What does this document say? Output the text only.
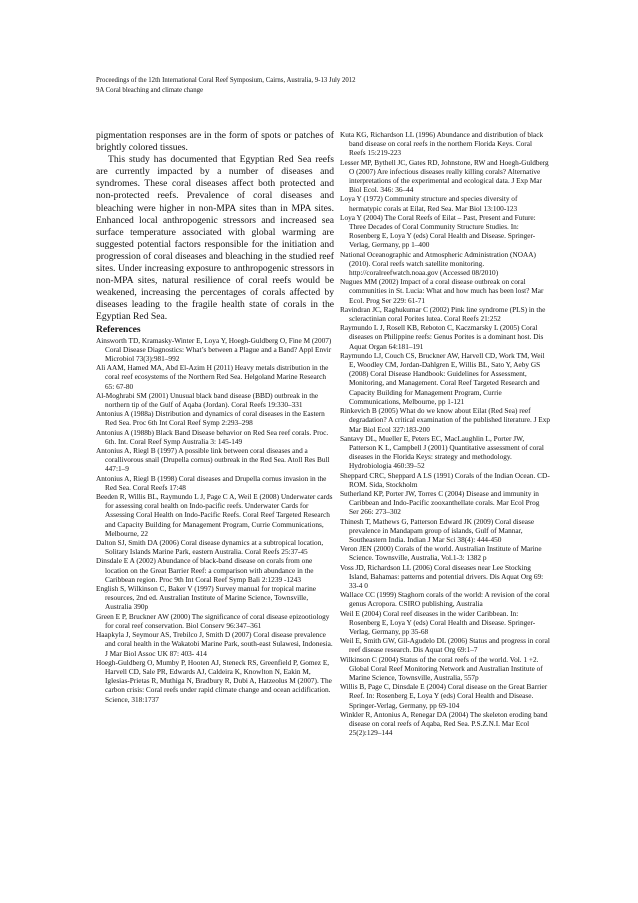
Proceedings of the 12th International Coral Reef Symposium, Cairns, Australia, 9-13 July 2012
9A Coral bleaching and climate change

pigmentation responses are in the form of spots or patches of brightly colored tissues.

This study has documented that Egyptian Red Sea reefs are currently impacted by a number of diseases and syndromes. These coral diseases affect both protected and non-protected reefs. Prevalence of coral diseases and bleaching were higher in non-MPA sites than in MPA sites. Enhanced local anthropogenic stressors and increased sea surface temperature associated with global warming are suggested potential factors responsible for the initiation and progression of coral diseases and bleaching in the studied reef sites. Under increasing exposure to anthropogenic stressors in non-MPA sites, natural resilience of coral reefs would be weakened, increasing the percentages of corals affected by diseases leading to the fragile health state of corals in the Egyptian Red Sea.

References

Ainsworth TD, Kramasky-Winter E, Loya Y, Hoegh-Guldberg O, Fine M (2007) Coral Disease Diagnostics: What’s between a Plague and a Band? Appl Envir Microbiol 73(3):981–992
Ali AAM, Hamed MA, Abd El-Azim H (2011) Heavy metals distribution in the coral reef ecosystems of the Northern Red Sea. Helgoland Marine Research 65: 67-80
Al-Moghrabi SM (2001) Unusual black band disease (BBD) outbreak in the northern tip of the Gulf of Aqaba (Jordan). Coral Reefs 19:330–331
Antonius A (1988a) Distribution and dynamics of coral diseases in the Eastern Red Sea. Proc 6th Int Coral Reef Symp 2:293–298
Antonius A (1988b) Black Band Disease behavior on Red Sea reef corals. Proc. 6th. Int. Coral Reef Symp Australia 3: 145-149
Antonius A, Riegl B (1997) A possible link between coral diseases and a corallivorous snail (Drupella cornus) outbreak in the Red Sea. Atoll Res Bull 447:1–9
Antonius A, Riegl B (1998) Coral diseases and Drupella cornus invasion in the Red Sea. Coral Reefs 17:48
Beeden R, Willis BL, Raymundo L J, Page C A, Weil E (2008) Underwater cards for assessing coral health on Indo-pacific reefs. Underwater Cards for Assessing Coral Health on Indo-Pacific Reefs. Coral Reef Targeted Research and Capacity Building for Management Program, Currie Communications, Melbourne, 22
Dalton SJ, Smith DA (2006) Coral disease dynamics at a subtropical location, Solitary Islands Marine Park, eastern Australia. Coral Reefs 25:37-45
Dinsdale E A (2002) Abundance of black-band disease on corals from one location on the Great Barrier Reef: a comparison with abundance in the Caribbean region. Proc 9th Int Coral Reef Symp Bali 2:1239 -1243
English S, Wilkinson C, Baker V (1997) Survey manual for tropical marine resources, 2nd ed. Australian Institute of Marine Science, Townsville, Australia 390p
Green E P, Bruckner AW (2000) The significance of coral disease epizootiology for coral reef conservation. Biol Conserv 96:347–361
Haapkyla J, Seymour AS, Trebilco J, Smith D (2007) Coral disease prevalence and coral health in the Wakatobi Marine Park, south-east Sulawesi, Indonesia. J Mar Biol Assoc UK 87: 403- 414
Hoegh-Guldberg O, Mumby P, Hooten AJ, Steneck RS, Greenfield P, Gomez E, Harvell CD, Sale PR, Edwards AJ, Caldeira K, Knowlton N, Eakin M, Iglesias-Prietas R, Muthiga N, Bradbury R, Dubi A, Hatzeolus M (2007). The carbon crisis: Coral reefs under rapid climate change and ocean acidification. Science, 318:1737
Kuta KG, Richardson LL (1996) Abundance and distribution of black band disease on coral reefs in the northern Florida Keys. Coral Reefs 15:219-223
Lesser MP, Bythell JC, Gates RD, Johnstone, RW and Hoegh-Guldberg O (2007) Are infectious diseases really killing corals? Alternative interpretations of the experimental and ecological data. J Exp Mar Biol Ecol. 346: 36–44
Loya Y (1972) Community structure and species diversity of hermatypic corals at Eilat, Red Sea. Mar Biol 13:100-123
Loya Y (2004) The Coral Reefs of Eilat – Past, Present and Future: Three Decades of Coral Community Structure Studies. In: Rosenberg E, Loya Y (eds) Coral Health and Disease. Springer-Verlag, Germany, pp 1–400
National Oceanographic and Atmospheric Administration (NOAA) (2010). Coral reefs watch satellite monitoring. http://coralreefwatch.noaa.gov (Accessed 08/2010)
Nugues MM (2002) Impact of a coral disease outbreak on coral communities in St. Lucia: What and how much has been lost? Mar Ecol. Prog Ser 229: 61-71
Ravindran JC, Raghukumar C (2002) Pink line syndrome (PLS) in the scleractinian coral Porites lutea. Coral Reefs 21:252
Raymundo L J, Rosell KB, Reboton C, Kaczmarsky L (2005) Coral diseases on Philippine reefs: Genus Porites is a dominant host. Dis Aquat Organ 64:181–191
Raymundo LJ, Couch CS, Bruckner AW, Harvell CD, Work TM, Weil E, Woodley CM, Jordan-Dahlgren E, Willis BL, Sato Y, Aeby GS (2008) Coral Disease Handbook: Guidelines for Assessment, Monitoring, and Management. Coral Reef Targeted Research and Capacity Building for Management Program, Currie Communications, Melbourne, pp 1-121
Rinkevich B (2005) What do we know about Eilat (Red Sea) reef degradation? A critical examination of the published literature. J Exp Mar Biol Ecol 327:183-200
Santavy DL, Mueller E, Peters EC, MacLaughlin L, Porter JW, Patterson K L, Campbell J (2001) Quantitative assessment of coral diseases in the Florida Keys: strategy and methodology. Hydrobiologia 460:39–52
Sheppard CRC, Sheppard A LS (1991) Corals of the Indian Ocean. CD-ROM. Sida, Stockholm
Sutherland KP, Porter JW, Torres C (2004) Disease and immunity in Caribbean and Indo-Pacific zooxanthellate corals. Mar Ecol Prog Ser 266: 273–302
Thinesh T, Mathews G, Patterson Edward JK (2009) Coral disease prevalence in Mandapam group of islands, Gulf of Mannar, Southeastern India. Indian J Mar Sci 38(4): 444-450
Veron JEN (2000) Corals of the world. Australian Institute of Marine Science. Townsville, Australia, Vol.1-3: 1382 p
Voss JD, Richardson LL (2006) Coral diseases near Lee Stocking Island, Bahamas: patterns and potential drivers. Dis Aquat Org 69: 33-4 0
Wallace CC (1999) Staghorn corals of the world: A revision of the coral genus Acropora. CSIRO publishing, Australia
Weil E (2004) Coral reef diseases in the wider Caribbean. In: Rosenberg E, Loya Y (eds) Coral Health and Disease. Springer-Verlag, Germany, pp 35-68
Weil E, Smith GW, Gil-Agudelo DL (2006) Status and progress in coral reef disease research. Dis Aquat Org 69:1–7
Wilkinson C (2004) Status of the coral reefs of the world. Vol. 1 +2. Global Coral Reef Monitoring Network and Australian Institute of Marine Science, Townsville, Australia, 557p
Willis B, Page C, Dinsdale E (2004) Coral disease on the Great Barrier Reef. In: Rosenberg E, Loya Y (eds) Coral Health and Disease. Springer-Verlag, Germany, pp 69-104
Winkler R, Antonius A, Renegar DA (2004) The skeleton eroding band disease on coral reefs of Aqaba, Red Sea. P.S.Z.N.I. Mar Ecol 25(2):129–144
